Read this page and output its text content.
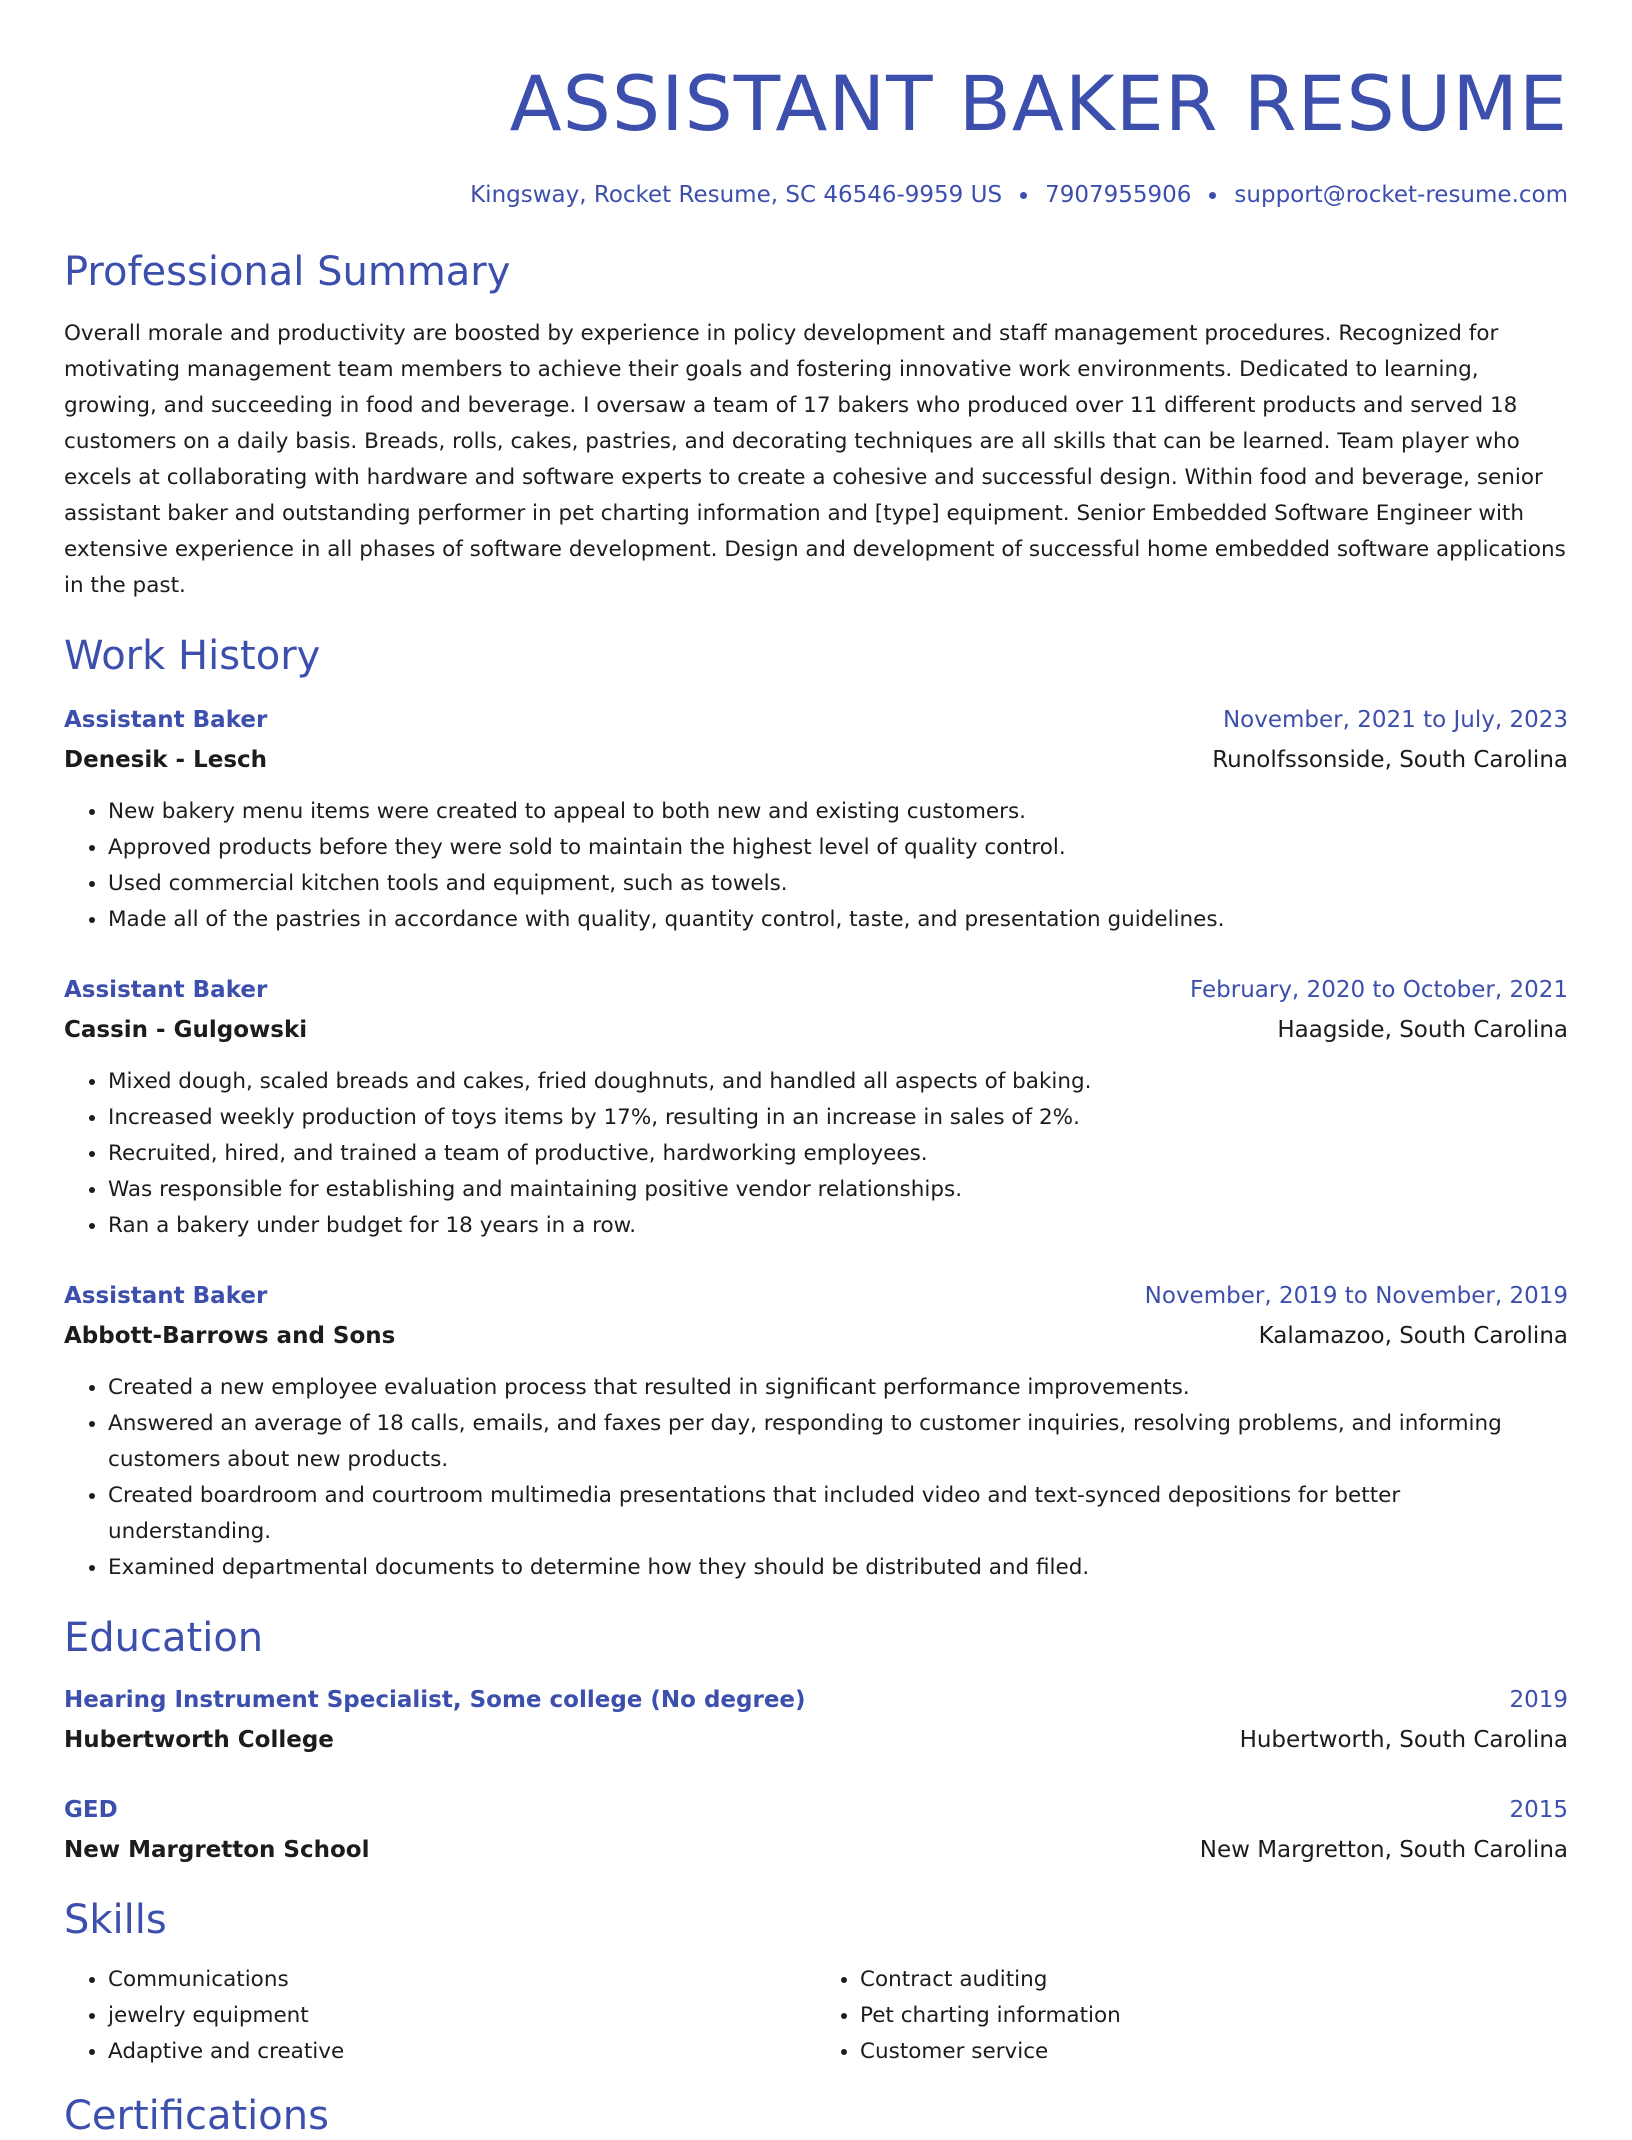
ASSISTANT BAKER RESUME
Kingsway, Rocket Resume, SC 46546-9959 US 7907955906 support@rocket-resume.com
Professional Summary
Overall morale and productivity are boosted by experience in policy development and staff management procedures. Recognized for motivating management team members to achieve their goals and fostering innovative work environments. Dedicated to learning, growing, and succeeding in food and beverage. I oversaw a team of 17 bakers who produced over 11 different products and served 18 customers on a daily basis. Breads, rolls, cakes, pastries, and decorating techniques are all skills that can be learned. Team player who excels at collaborating with hardware and software experts to create a cohesive and successful design. Within food and beverage, senior assistant baker and outstanding performer in pet charting information and [type] equipment. Senior Embedded Software Engineer with extensive experience in all phases of software development. Design and development of successful home embedded software applications in the past.
Work History
Assistant Baker	November, 2021 to July, 2023
Denesik - Lesch	Runolfssonside, South Carolina
• New bakery menu items were created to appeal to both new and existing customers.
• Approved products before they were sold to maintain the highest level of quality control.
• Used commercial kitchen tools and equipment, such as towels.
• Made all of the pastries in accordance with quality, quantity control, taste, and presentation guidelines.
Assistant Baker	February, 2020 to October, 2021
Cassin - Gulgowski	Haagside, South Carolina
• Mixed dough, scaled breads and cakes, fried doughnuts, and handled all aspects of baking.
• Increased weekly production of toys items by 17%, resulting in an increase in sales of 2%.
• Recruited, hired, and trained a team of productive, hardworking employees.
• Was responsible for establishing and maintaining positive vendor relationships.
• Ran a bakery under budget for 18 years in a row.
Assistant Baker	November, 2019 to November, 2019
Abbott-Barrows and Sons	Kalamazoo, South Carolina
• Created a new employee evaluation process that resulted in significant performance improvements.
• Answered an average of 18 calls, emails, and faxes per day, responding to customer inquiries, resolving problems, and informing customers about new products.
• Created boardroom and courtroom multimedia presentations that included video and text-synced depositions for better understanding.
• Examined departmental documents to determine how they should be distributed and filed.
Education
Hearing Instrument Specialist, Some college (No degree)	2019
Hubertworth College	Hubertworth, South Carolina
GED	2015
New Margretton School	New Margretton, South Carolina
Skills
• Communications
• jewelry equipment
• Adaptive and creative
• Contract auditing
• Pet charting information
• Customer service
Certifications
